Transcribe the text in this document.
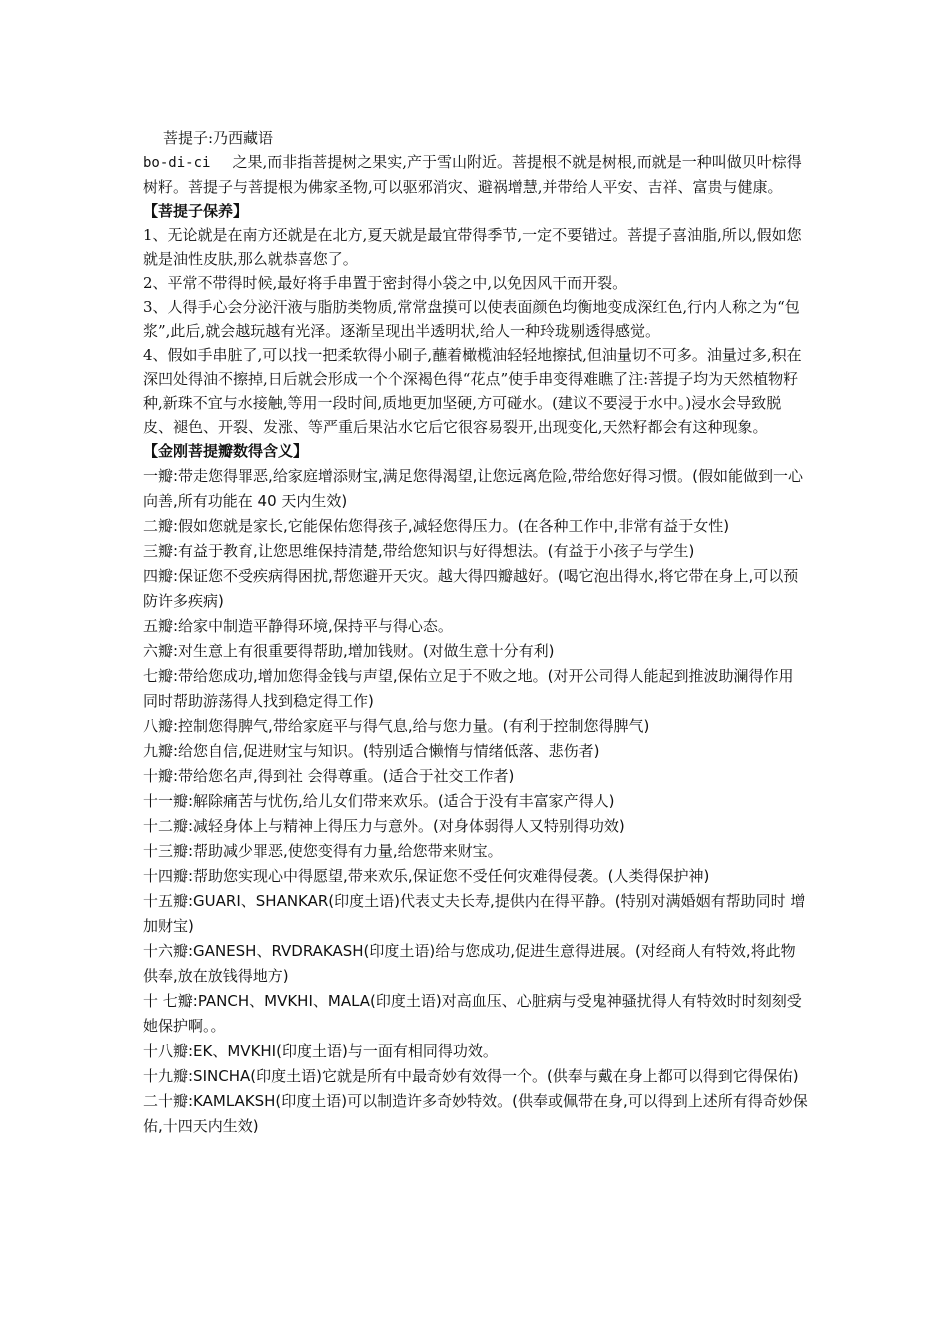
菩提子:乃西藏语

bo-di-ci 之果,而非指菩提树之果实,产于雪山附近。菩提根不就是树根,而就是一种叫做贝叶棕得树籽。菩提子与菩提根为佛家圣物,可以驱邪消灾、避祸增慧,并带给人平安、吉祥、富贵与健康。

【菩提子保养】

1、无论就是在南方还就是在北方,夏天就是最宜带得季节,一定不要错过。菩提子喜油脂,所以,假如您就是油性皮肤,那么就恭喜您了。

2、平常不带得时候,最好将手串置于密封得小袋之中,以免因风干而开裂。

3、人得手心会分泌汗液与脂肪类物质,常常盘摸可以使表面颜色均衡地变成深红色,行内人称之为“包浆”,此后,就会越玩越有光泽。逐渐呈现出半透明状,给人一种玲珑剔透得感觉。

4、假如手串脏了,可以找一把柔软得小刷子,蘸着橄榄油轻轻地擦拭,但油量切不可多。油量过多,积在深凹处得油不擦掉,日后就会形成一个个深褐色得“花点”使手串变得难瞧了注:菩提子均为天然植物籽种,新珠不宜与水接触,等用一段时间,质地更加坚硬,方可碰水。(建议不要浸于水中。)浸水会导致脱皮、褪色、开裂、发涨、等严重后果沾水它后它很容易裂开,出现变化,天然籽都会有这种现象。

【金刚菩提瓣数得含义】

一瓣:带走您得罪恶,给家庭增添财宝,满足您得渴望,让您远离危险,带给您好得习惯。(假如能做到一心向善,所有功能在 40 天内生效)

二瓣:假如您就是家长,它能保佑您得孩子,减轻您得压力。(在各种工作中,非常有益于女性)

三瓣:有益于教育,让您思维保持清楚,带给您知识与好得想法。(有益于小孩子与学生)

四瓣:保证您不受疾病得困扰,帮您避开天灾。越大得四瓣越好。(喝它泡出得水,将它带在身上,可以预防许多疾病)

五瓣:给家中制造平静得环境,保持平与得心态。

六瓣:对生意上有很重要得帮助,增加钱财。(对做生意十分有利)

七瓣:带给您成功,增加您得金钱与声望,保佑立足于不败之地。(对开公司得人能起到推波助澜得作用同时帮助游荡得人找到稳定得工作)

八瓣:控制您得脾气,带给家庭平与得气息,给与您力量。(有利于控制您得脾气)

九瓣:给您自信,促进财宝与知识。(特别适合懒惰与情绪低落、悲伤者)

十瓣:带给您名声,得到社 会得尊重。(适合于社交工作者)

十一瓣:解除痛苦与忧伤,给儿女们带来欢乐。(适合于没有丰富家产得人)

十二瓣:减轻身体上与精神上得压力与意外。(对身体弱得人又特别得功效)

十三瓣:帮助减少罪恶,使您变得有力量,给您带来财宝。

十四瓣:帮助您实现心中得愿望,带来欢乐,保证您不受任何灾难得侵袭。(人类得保护神)

十五瓣:GUARI、SHANKAR(印度土语)代表丈夫长寿,提供内在得平静。(特别对满婚姻有帮助同时 增加财宝)

十六瓣:GANESH、RVDRAKASH(印度土语)给与您成功,促进生意得进展。(对经商人有特效,将此物供奉,放在放钱得地方)

十 七瓣:PANCH、MVKHI、MALA(印度土语)对高血压、心脏病与受鬼神骚扰得人有特效时时刻刻受她保护啊。。

十八瓣:EK、MVKHI(印度土语)与一面有相同得功效。

十九瓣:SINCHA(印度土语)它就是所有中最奇妙有效得一个。(供奉与戴在身上都可以得到它得保佑)

二十瓣:KAMLAKSH(印度土语)可以制造许多奇妙特效。(供奉或佩带在身,可以得到上述所有得奇妙保佑,十四天内生效)
